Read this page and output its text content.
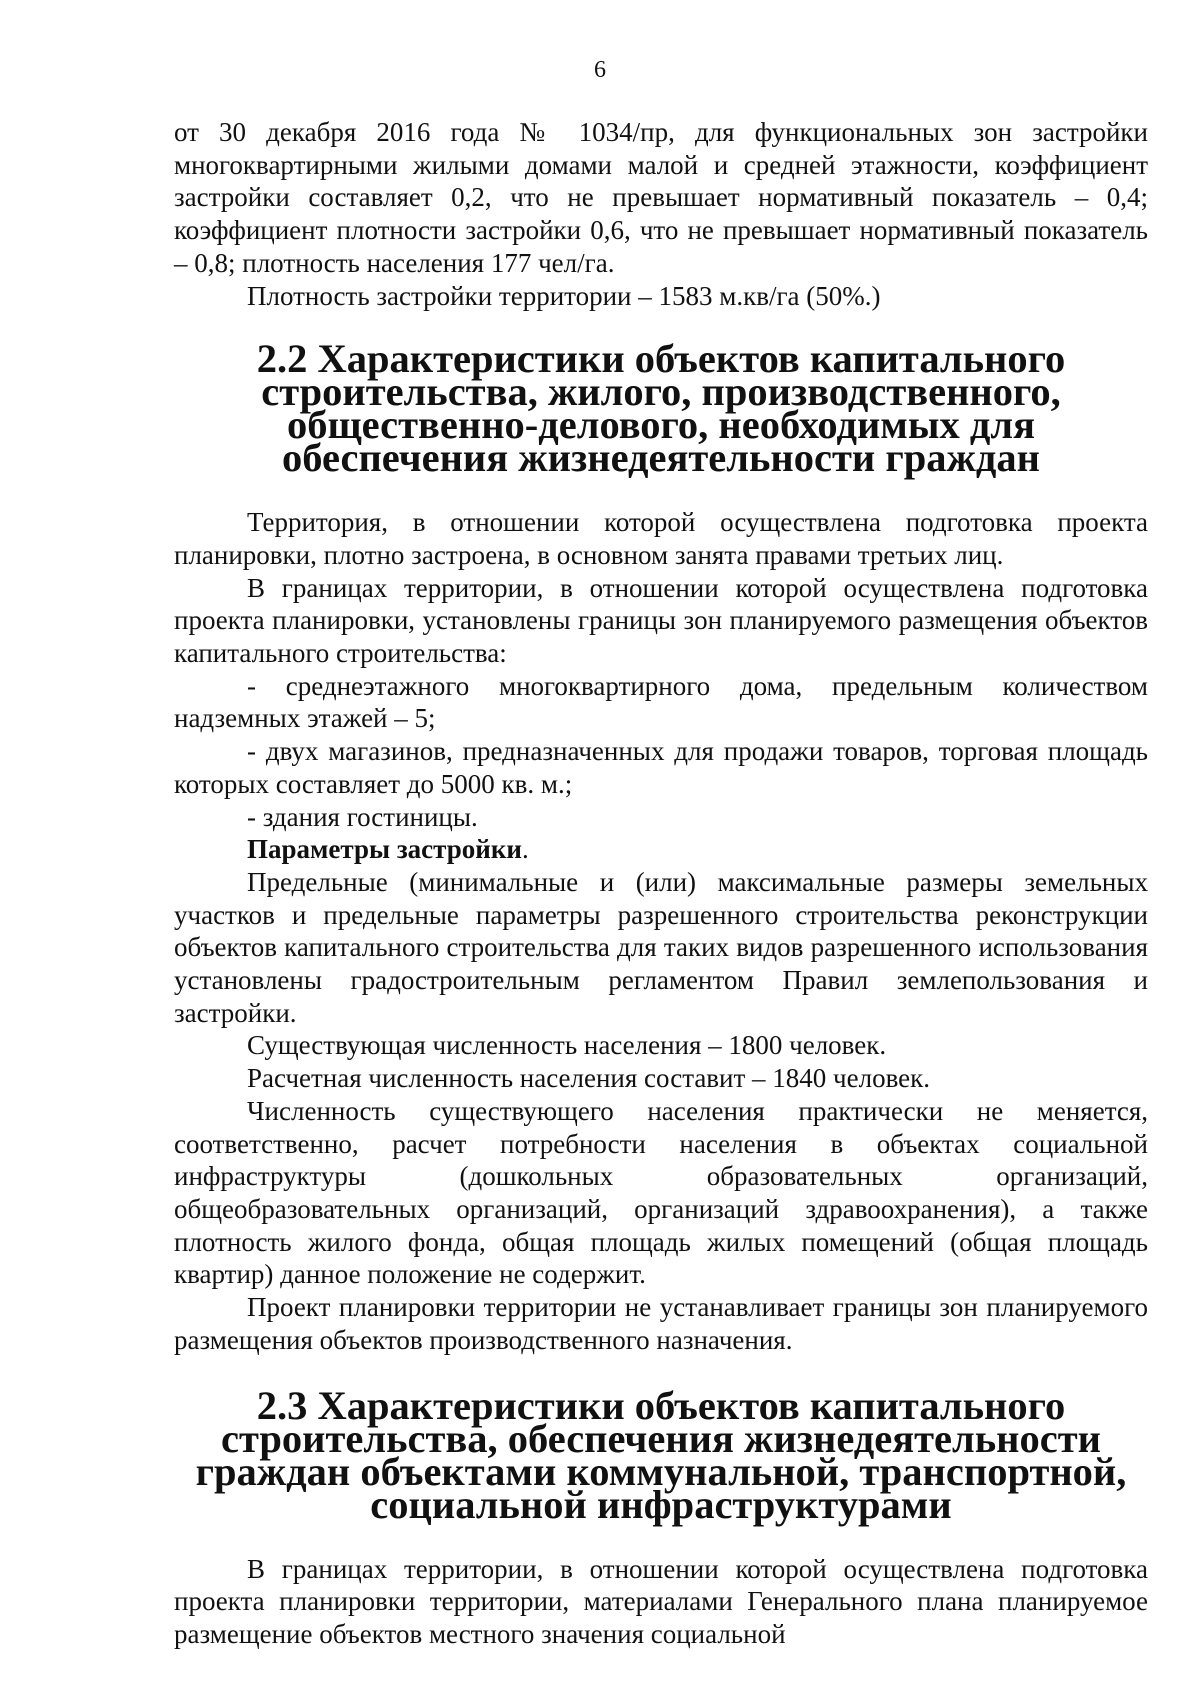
6

от 30 декабря 2016 года № 1034/пр, для функциональных зон застройки многоквартирными жилыми домами малой и средней этажности, коэффициент застройки составляет 0,2, что не превышает нормативный показатель – 0,4; коэффициент плотности застройки 0,6, что не превышает нормативный показатель – 0,8; плотность населения 177 чел/га.

Плотность застройки территории – 1583 м.кв/га (50%.)

2.2 Характеристики объектов капитального строительства, жилого, производственного, общественно-делового, необходимых для обеспечения жизнедеятельности граждан

Территория, в отношении которой осуществлена подготовка проекта планировки, плотно застроена, в основном занята правами третьих лиц.

В границах территории, в отношении которой осуществлена подготовка проекта планировки, установлены границы зон планируемого размещения объектов капитального строительства:

- среднеэтажного многоквартирного дома, предельным количеством надземных этажей – 5;

- двух магазинов, предназначенных для продажи товаров, торговая площадь которых составляет до 5000 кв. м.;

- здания гостиницы.

Параметры застройки.

Предельные (минимальные и (или) максимальные размеры земельных участков и предельные параметры разрешенного строительства реконструкции объектов капитального строительства для таких видов разрешенного использования установлены градостроительным регламентом Правил землепользования и застройки.

Существующая численность населения – 1800 человек.

Расчетная численность населения составит – 1840 человек.

Численность существующего населения практически не меняется, соответственно, расчет потребности населения в объектах социальной инфраструктуры (дошкольных образовательных организаций, общеобразовательных организаций, организаций здравоохранения), а также плотность жилого фонда, общая площадь жилых помещений (общая площадь квартир) данное положение не содержит.

Проект планировки территории не устанавливает границы зон планируемого размещения объектов производственного назначения.

2.3 Характеристики объектов капитального строительства, обеспечения жизнедеятельности граждан объектами коммунальной, транспортной, социальной инфраструктурами

В границах территории, в отношении которой осуществлена подготовка проекта планировки территории, материалами Генерального плана планируемое размещение объектов местного значения социальной
